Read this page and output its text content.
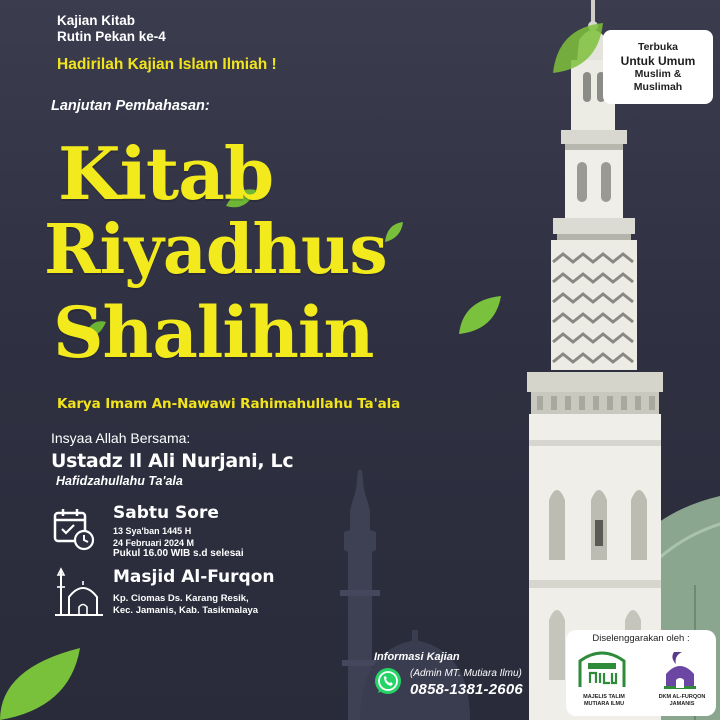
Kajian Kitab
Rutin Pekan ke-4
Hadirilah Kajian Islam Ilmiah !
Terbuka
Untuk Umum
Muslim &
Muslimah
Lanjutan Pembahasan:
Kitab
Riyadhus
Shalihin
Karya Imam An-Nawawi Rahimahullahu Ta'ala
Insyaa Allah Bersama:
Ustadz Il Ali Nurjani, Lc
Hafidzahullahu Ta'ala
Sabtu Sore
13 Sya'ban 1445 H
24 Februari 2024 M
Pukul 16.00 WIB s.d selesai
Masjid Al-Furqon
Kp. Ciomas Ds. Karang Resik,
Kec. Jamanis, Kab. Tasikmalaya
Informasi Kajian
(Admin MT. Mutiara Ilmu)
0858-1381-2606
Diselenggarakan oleh :
MAJELIS TALIM MUTIARA ILMU
DKM AL-FURQON JAMANIS
